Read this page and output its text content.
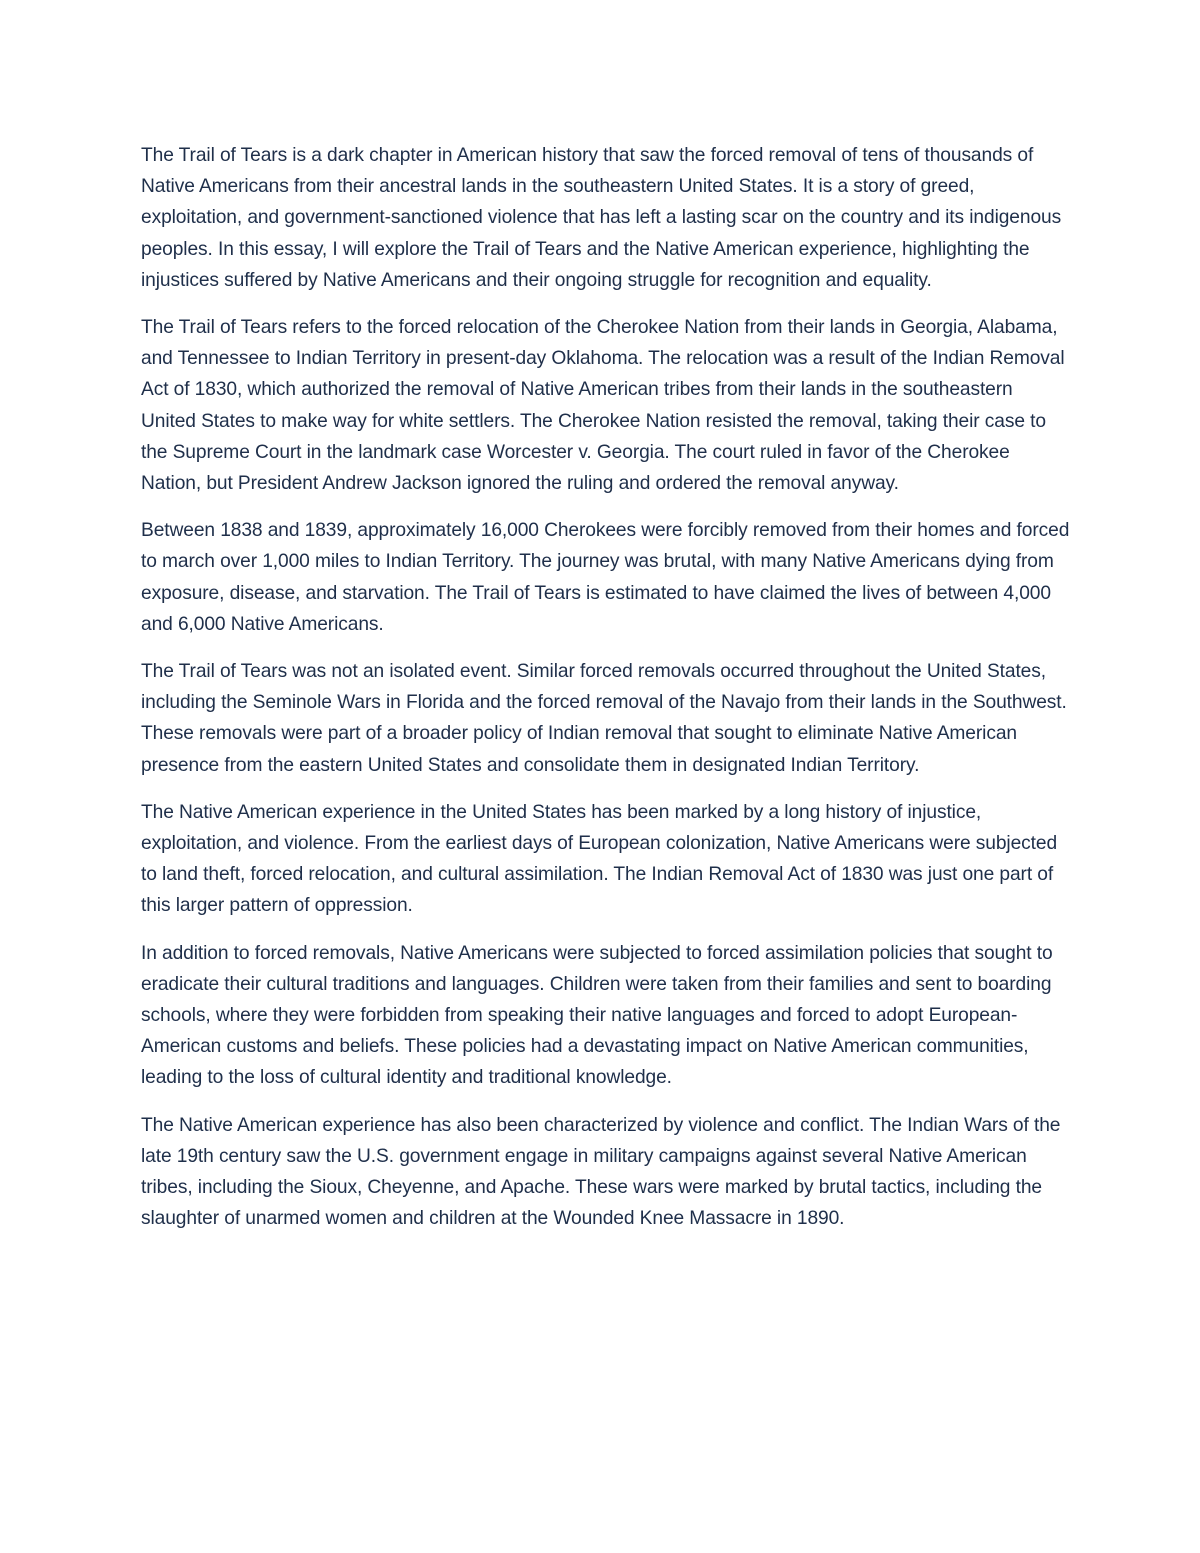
The Trail of Tears is a dark chapter in American history that saw the forced removal of tens of thousands of Native Americans from their ancestral lands in the southeastern United States. It is a story of greed, exploitation, and government-sanctioned violence that has left a lasting scar on the country and its indigenous peoples. In this essay, I will explore the Trail of Tears and the Native American experience, highlighting the injustices suffered by Native Americans and their ongoing struggle for recognition and equality.

The Trail of Tears refers to the forced relocation of the Cherokee Nation from their lands in Georgia, Alabama, and Tennessee to Indian Territory in present-day Oklahoma. The relocation was a result of the Indian Removal Act of 1830, which authorized the removal of Native American tribes from their lands in the southeastern United States to make way for white settlers. The Cherokee Nation resisted the removal, taking their case to the Supreme Court in the landmark case Worcester v. Georgia. The court ruled in favor of the Cherokee Nation, but President Andrew Jackson ignored the ruling and ordered the removal anyway.

Between 1838 and 1839, approximately 16,000 Cherokees were forcibly removed from their homes and forced to march over 1,000 miles to Indian Territory. The journey was brutal, with many Native Americans dying from exposure, disease, and starvation. The Trail of Tears is estimated to have claimed the lives of between 4,000 and 6,000 Native Americans.

The Trail of Tears was not an isolated event. Similar forced removals occurred throughout the United States, including the Seminole Wars in Florida and the forced removal of the Navajo from their lands in the Southwest. These removals were part of a broader policy of Indian removal that sought to eliminate Native American presence from the eastern United States and consolidate them in designated Indian Territory.

The Native American experience in the United States has been marked by a long history of injustice, exploitation, and violence. From the earliest days of European colonization, Native Americans were subjected to land theft, forced relocation, and cultural assimilation. The Indian Removal Act of 1830 was just one part of this larger pattern of oppression.

In addition to forced removals, Native Americans were subjected to forced assimilation policies that sought to eradicate their cultural traditions and languages. Children were taken from their families and sent to boarding schools, where they were forbidden from speaking their native languages and forced to adopt European-American customs and beliefs. These policies had a devastating impact on Native American communities, leading to the loss of cultural identity and traditional knowledge.

The Native American experience has also been characterized by violence and conflict. The Indian Wars of the late 19th century saw the U.S. government engage in military campaigns against several Native American tribes, including the Sioux, Cheyenne, and Apache. These wars were marked by brutal tactics, including the slaughter of unarmed women and children at the Wounded Knee Massacre in 1890.
